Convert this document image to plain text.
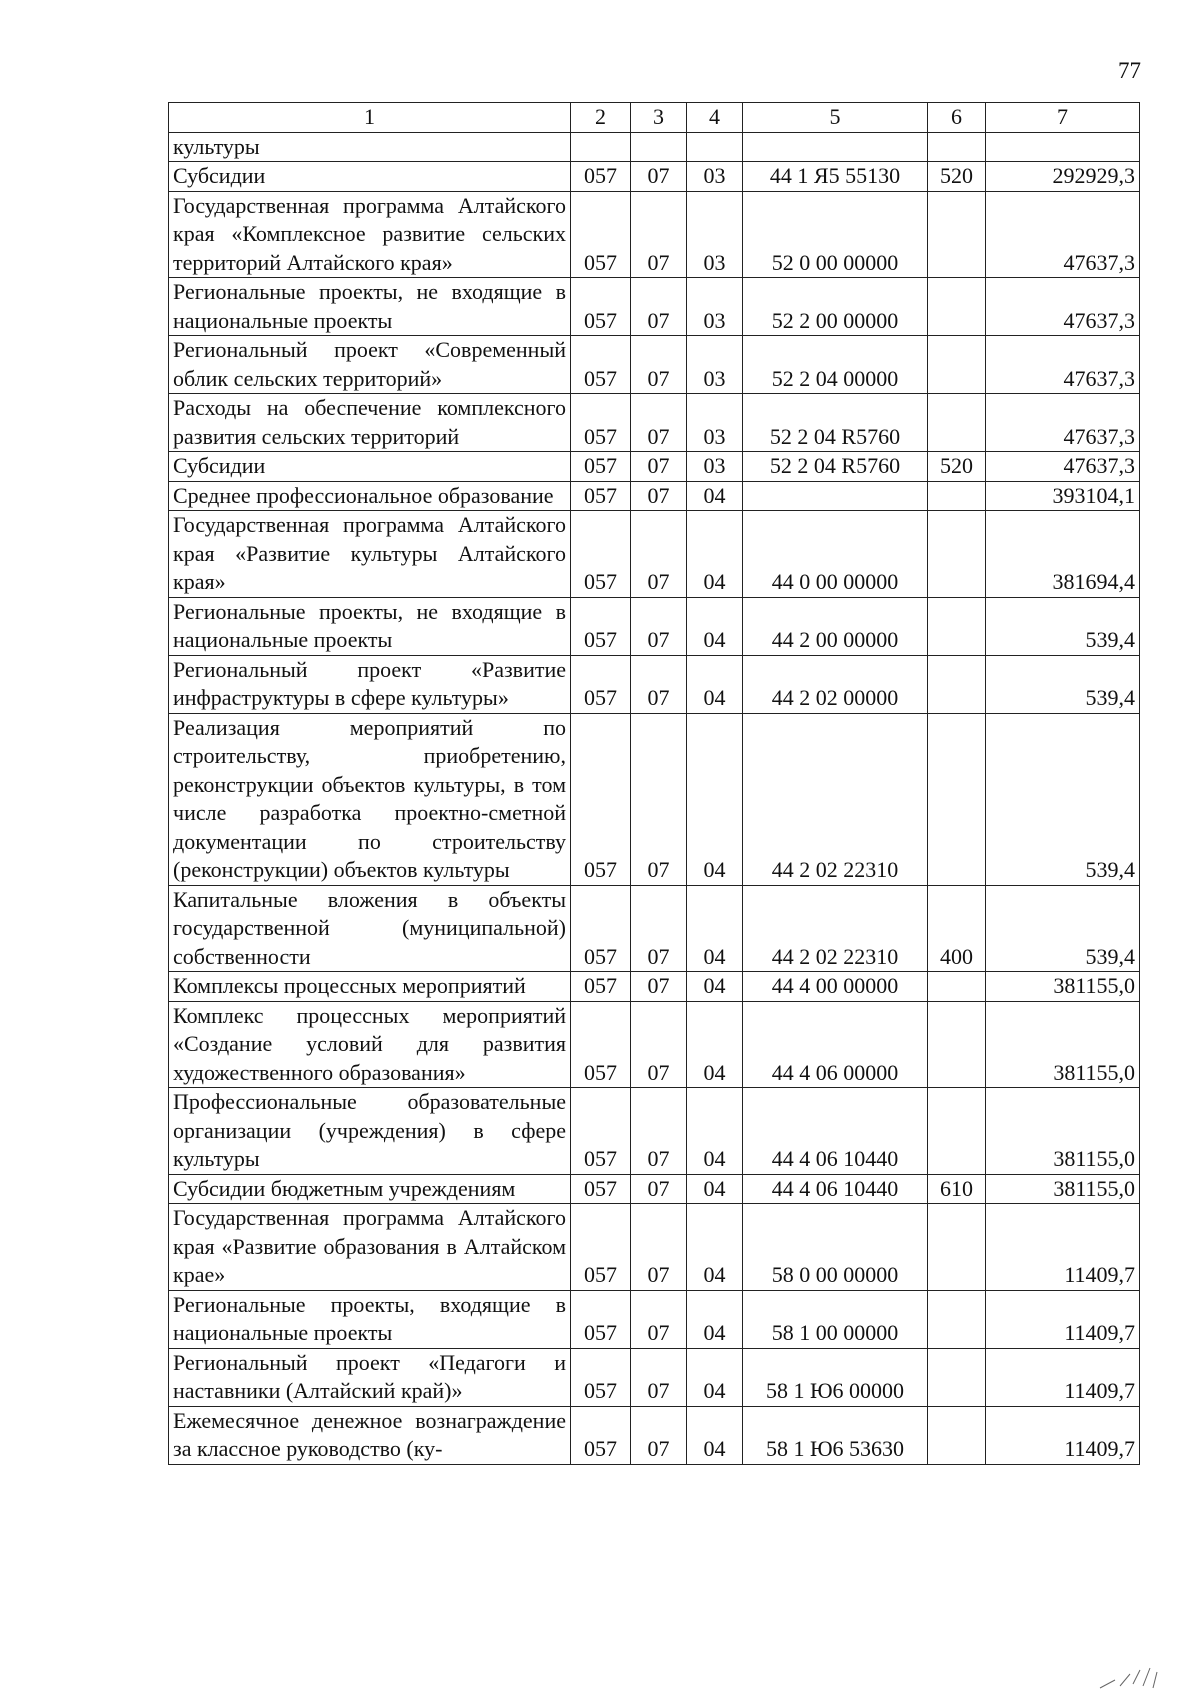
77
1	2	3	4	5	6	7
культуры						
Субсидии	057	07	03	44 1 Я5 55130	520	292929,3
Государственная программа Алтайского края «Комплексное развитие сельских территорий Алтайского края»	057	07	03	52 0 00 00000		47637,3
Региональные проекты, не входящие в национальные проекты	057	07	03	52 2 00 00000		47637,3
Региональный проект «Современный облик сельских территорий»	057	07	03	52 2 04 00000		47637,3
Расходы на обеспечение комплексного развития сельских территорий	057	07	03	52 2 04 R5760		47637,3
Субсидии	057	07	03	52 2 04 R5760	520	47637,3
Среднее профессиональное образование	057	07	04			393104,1
Государственная программа Алтайского края «Развитие культуры Алтайского края»	057	07	04	44 0 00 00000		381694,4
Региональные проекты, не входящие в национальные проекты	057	07	04	44 2 00 00000		539,4
Региональный проект «Развитие инфраструктуры в сфере культуры»	057	07	04	44 2 02 00000		539,4
Реализация мероприятий по строительству, приобретению, реконструкции объектов культуры, в том числе разработка проектно-сметной документации по строительству (реконструкции) объектов культуры	057	07	04	44 2 02 22310		539,4
Капитальные вложения в объекты государственной (муниципальной) собственности	057	07	04	44 2 02 22310	400	539,4
Комплексы процессных мероприятий	057	07	04	44 4 00 00000		381155,0
Комплекс процессных мероприятий «Создание условий для развития художественного образования»	057	07	04	44 4 06 00000		381155,0
Профессиональные образовательные организации (учреждения) в сфере культуры	057	07	04	44 4 06 10440		381155,0
Субсидии бюджетным учреждениям	057	07	04	44 4 06 10440	610	381155,0
Государственная программа Алтайского края «Развитие образования в Алтайском крае»	057	07	04	58 0 00 00000		11409,7
Региональные проекты, входящие в национальные проекты	057	07	04	58 1 00 00000		11409,7
Региональный проект «Педагоги и наставники (Алтайский край)»	057	07	04	58 1 Ю6 00000		11409,7
Ежемесячное денежное вознаграждение за классное руководство (ку-	057	07	04	58 1 Ю6 53630		11409,7
